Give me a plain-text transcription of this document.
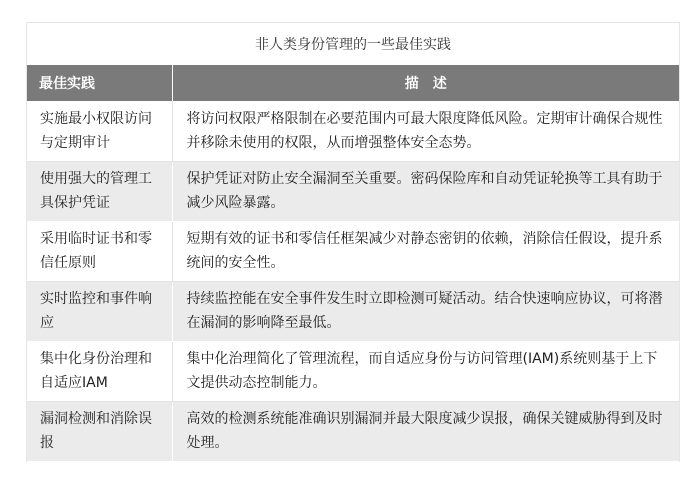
非人类身份管理的一些最佳实践
最佳实践	描　述
实施最小权限访问与定期审计	将访问权限严格限制在必要范围内可最大限度降低风险。定期审计确保合规性并移除未使用的权限，从而增强整体安全态势。
使用强大的管理工具保护凭证	保护凭证对防止安全漏洞至关重要。密码保险库和自动凭证轮换等工具有助于减少风险暴露。
采用临时证书和零信任原则	短期有效的证书和零信任框架减少对静态密钥的依赖，消除信任假设，提升系统间的安全性。
实时监控和事件响应	持续监控能在安全事件发生时立即检测可疑活动。结合快速响应协议，可将潜在漏洞的影响降至最低。
集中化身份治理和自适应IAM	集中化治理简化了管理流程，而自适应身份与访问管理(IAM)系统则基于上下文提供动态控制能力。
漏洞检测和消除误报	高效的检测系统能准确识别漏洞并最大限度减少误报，确保关键威胁得到及时处理。
